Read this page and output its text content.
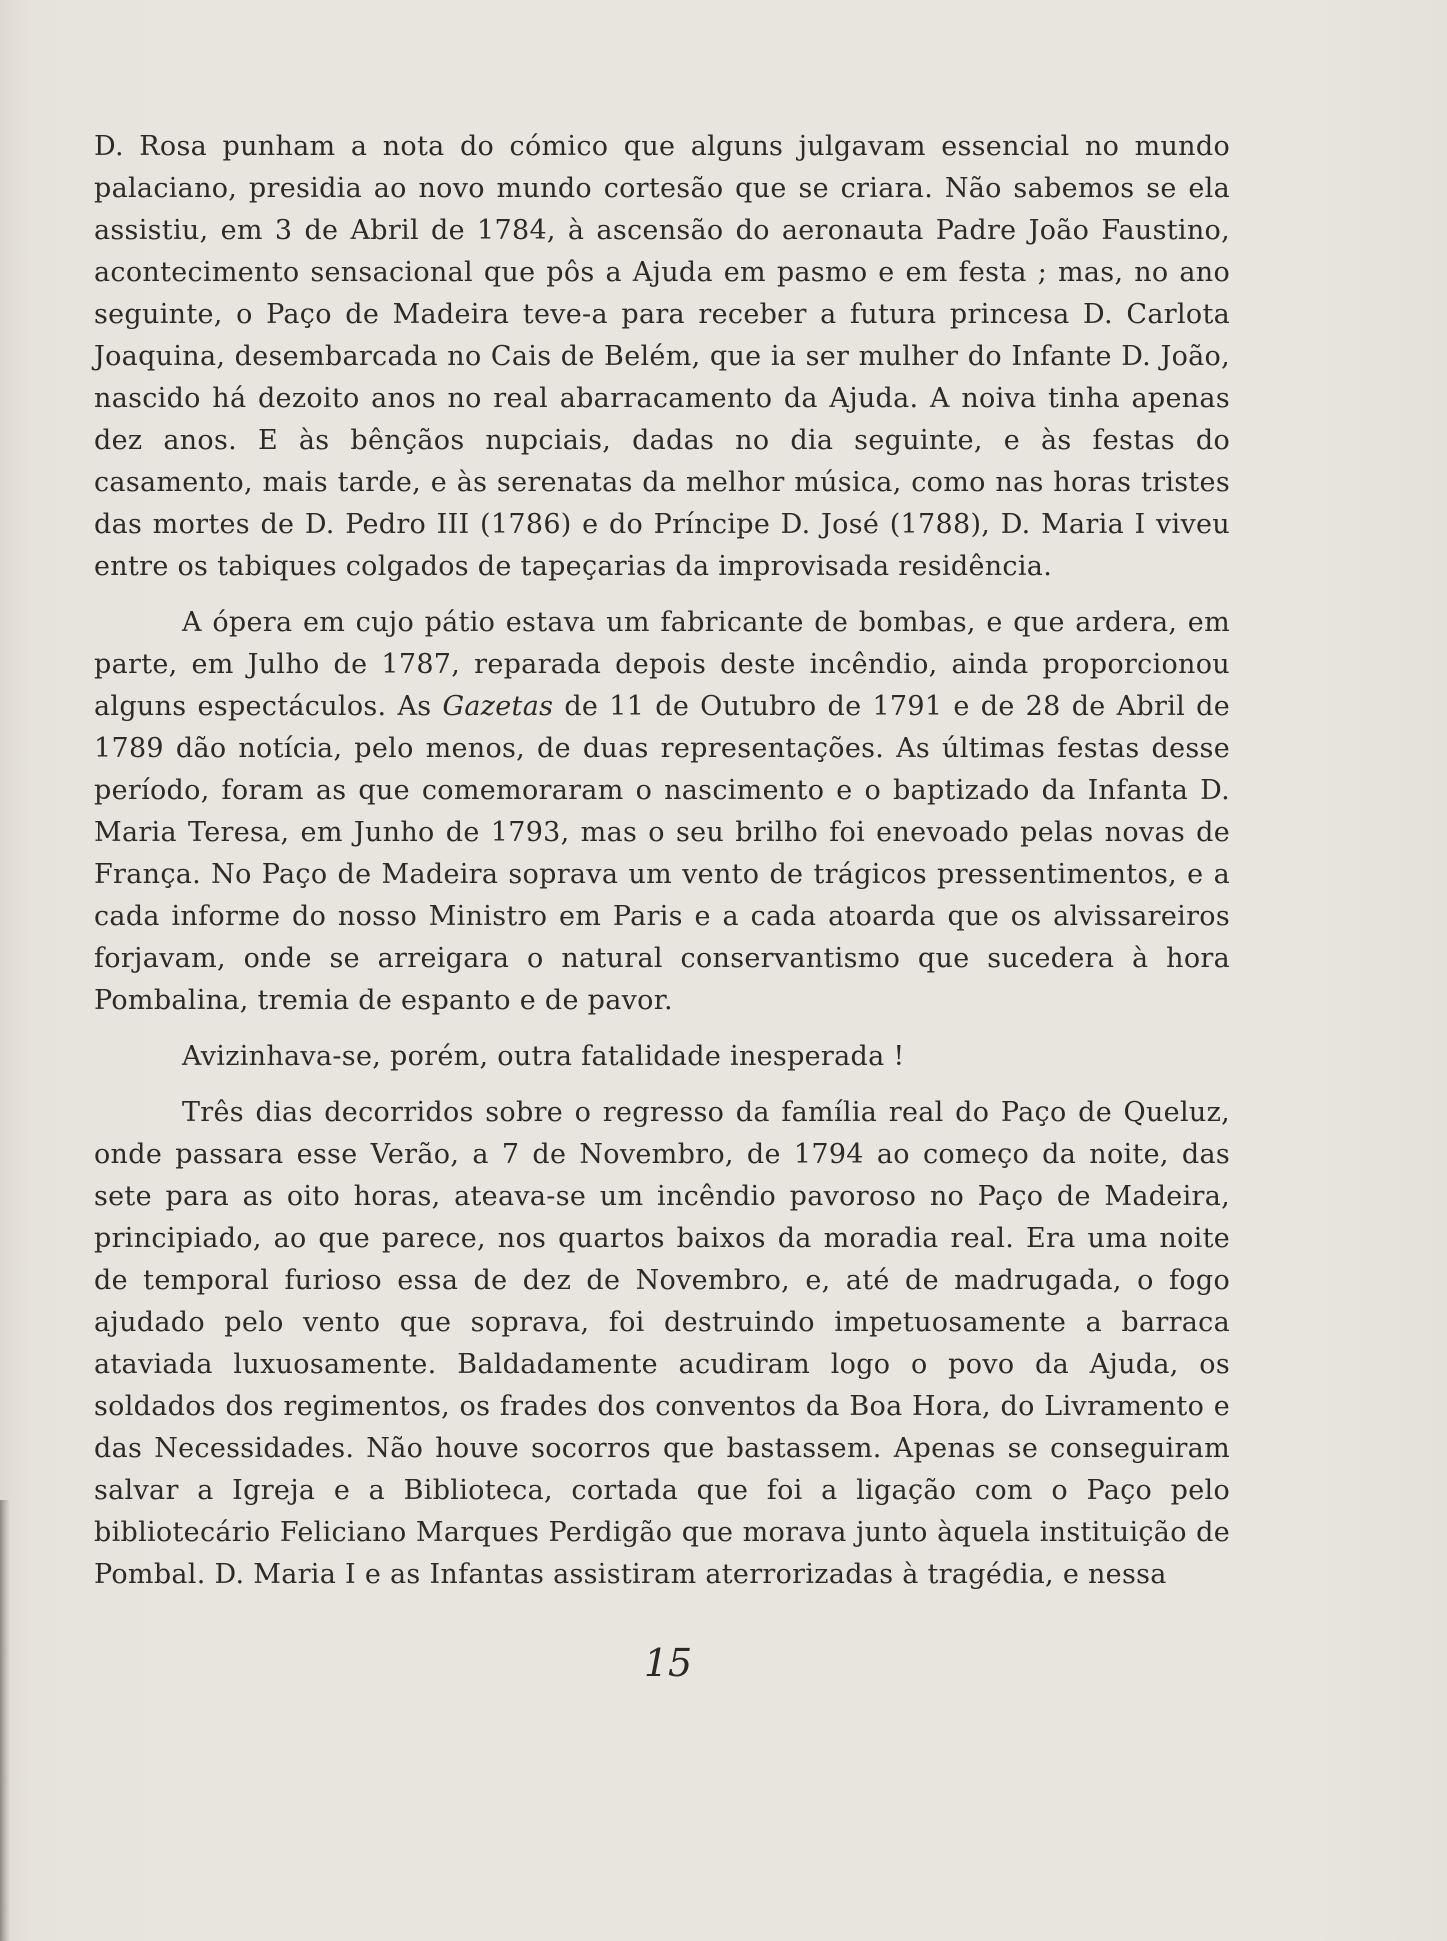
D. Rosa punham a nota do cómico que alguns julgavam essencial no mundo palaciano, presidia ao novo mundo cortesão que se criara. Não sabemos se ela assistiu, em 3 de Abril de 1784, à ascensão do aeronauta Padre João Faustino, acontecimento sensacional que pôs a Ajuda em pasmo e em festa ; mas, no ano seguinte, o Paço de Madeira teve-a para receber a futura princesa D. Carlota Joaquina, desembarcada no Cais de Belém, que ia ser mulher do Infante D. João, nascido há dezoito anos no real abarracamento da Ajuda. A noiva tinha apenas dez anos. E às bênçãos nupciais, dadas no dia seguinte, e às festas do casamento, mais tarde, e às serenatas da melhor música, como nas horas tristes das mortes de D. Pedro III (1786) e do Príncipe D. José (1788), D. Maria I viveu entre os tabiques colgados de tapeçarias da improvisada residência.

A ópera em cujo pátio estava um fabricante de bombas, e que ardera, em parte, em Julho de 1787, reparada depois deste incêndio, ainda proporcionou alguns espectáculos. As Gazetas de 11 de Outubro de 1791 e de 28 de Abril de 1789 dão notícia, pelo menos, de duas representações. As últimas festas desse período, foram as que comemoraram o nascimento e o baptizado da Infanta D. Maria Teresa, em Junho de 1793, mas o seu brilho foi enevoado pelas novas de França. No Paço de Madeira soprava um vento de trágicos pressentimentos, e a cada informe do nosso Ministro em Paris e a cada atoarda que os alvissareiros forjavam, onde se arreigara o natural conservantismo que sucedera à hora Pombalina, tremia de espanto e de pavor.

Avizinhava-se, porém, outra fatalidade inesperada !

Três dias decorridos sobre o regresso da família real do Paço de Queluz, onde passara esse Verão, a 7 de Novembro, de 1794 ao começo da noite, das sete para as oito horas, ateava-se um incêndio pavoroso no Paço de Madeira, principiado, ao que parece, nos quartos baixos da moradia real. Era uma noite de temporal furioso essa de dez de Novembro, e, até de madrugada, o fogo ajudado pelo vento que soprava, foi destruindo impetuosamente a barraca ataviada luxuosamente. Baldadamente acudiram logo o povo da Ajuda, os soldados dos regimentos, os frades dos conventos da Boa Hora, do Livramento e das Necessidades. Não houve socorros que bastassem. Apenas se conseguiram salvar a Igreja e a Biblioteca, cortada que foi a ligação com o Paço pelo bibliotecário Feliciano Marques Perdigão que morava junto àquela instituição de Pombal. D. Maria I e as Infantas assistiram aterrorizadas à tragédia, e nessa

15
